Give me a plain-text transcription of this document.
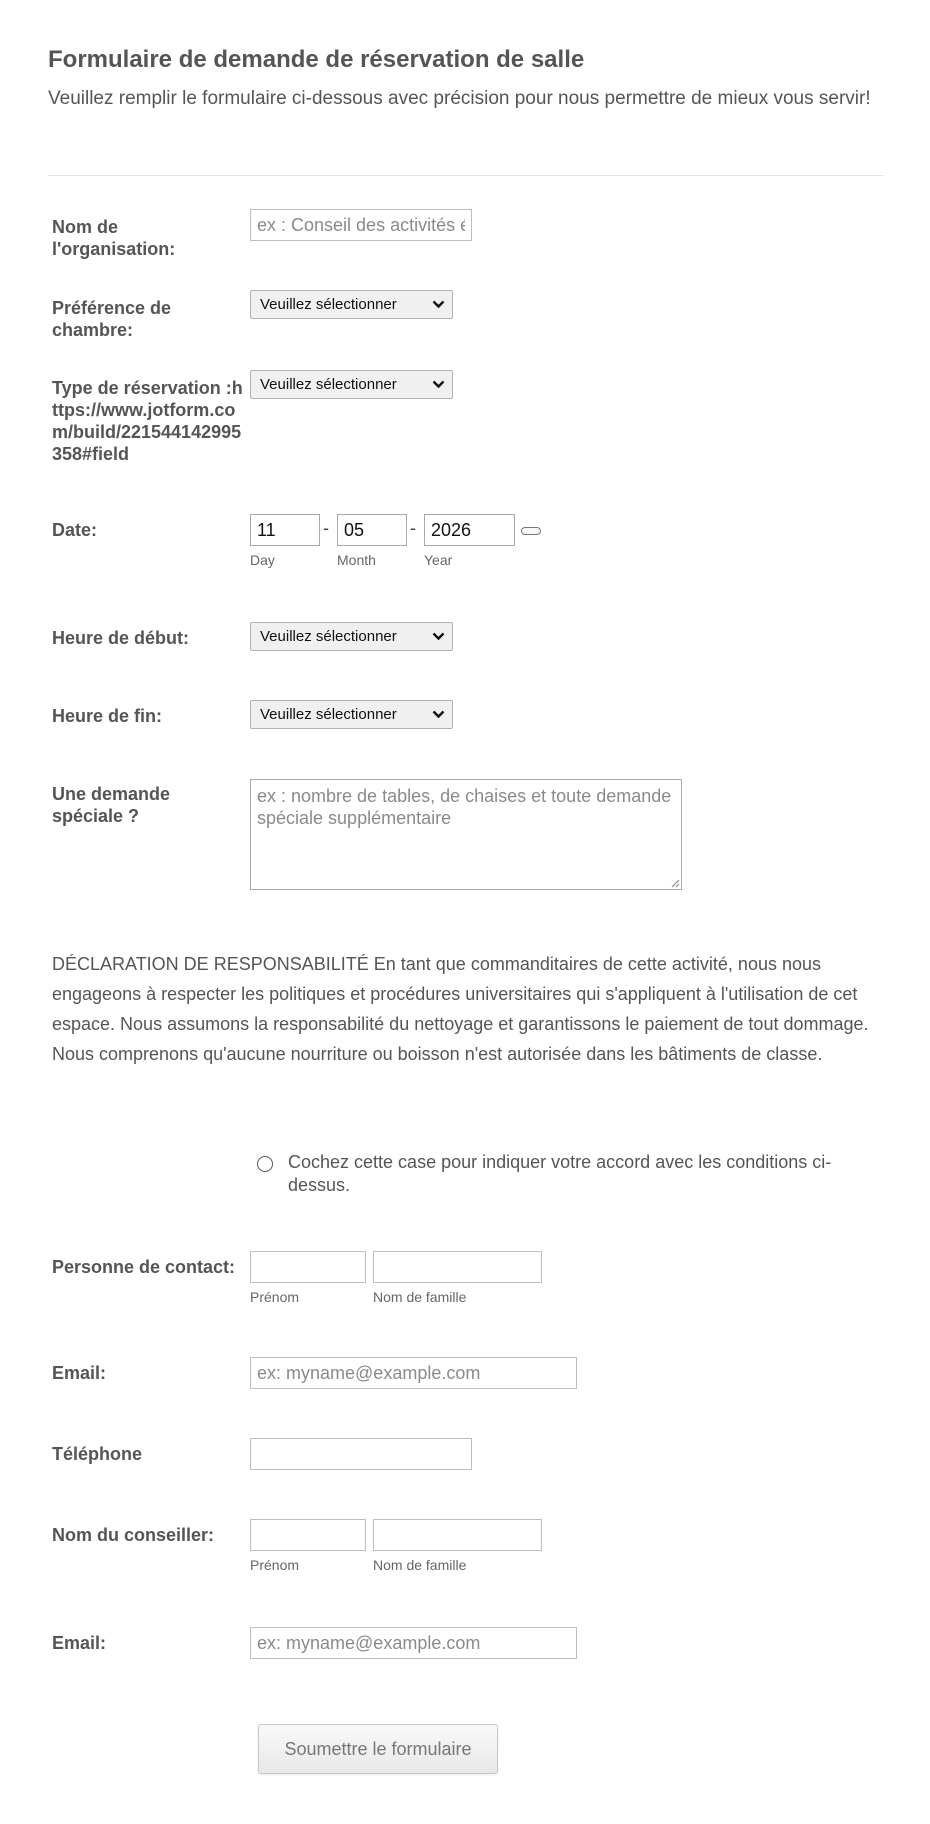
Formulaire de demande de réservation de salle
Veuillez remplir le formulaire ci-dessous avec précision pour nous permettre de mieux vous servir!
Nom de l'organisation:
ex : Conseil des activités étudiantes
Préférence de chambre:
Veuillez sélectionner
Type de réservation :https://www.jotform.com/build/221544142995358#field
Veuillez sélectionner
Date:	11	- 05	- 2026
Day	Month	Year
Heure de début:	Veuillez sélectionner
Heure de fin:	Veuillez sélectionner
Une demande spéciale ?
ex : nombre de tables, de chaises et toute demande spéciale supplémentaire
DÉCLARATION DE RESPONSABILITÉ En tant que commanditaires de cette activité, nous nous engageons à respecter les politiques et procédures universitaires qui s'appliquent à l'utilisation de cet espace. Nous assumons la responsabilité du nettoyage et garantissons le paiement de tout dommage. Nous comprenons qu'aucune nourriture ou boisson n'est autorisée dans les bâtiments de classe.
Cochez cette case pour indiquer votre accord avec les conditions ci-dessus.
Personne de contact:
Prénom	Nom de famille
Email:
ex: myname@example.com
Téléphone
Nom du conseiller:
Prénom	Nom de famille
Email:
ex: myname@example.com
Soumettre le formulaire
